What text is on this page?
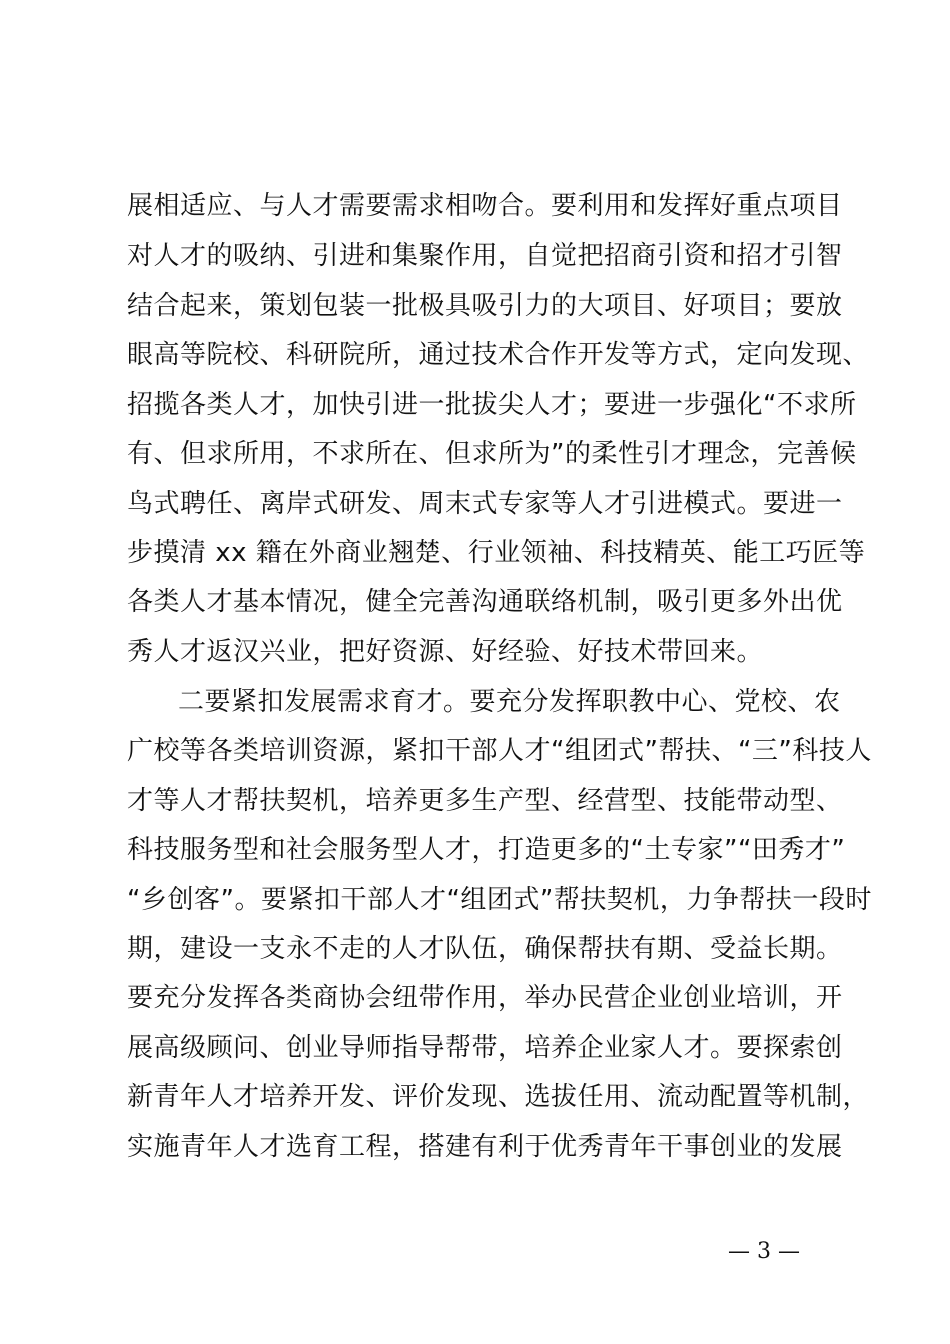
展相适应、与人才需要需求相吻合。要利用和发挥好重点项目
对人才的吸纳、引进和集聚作用，自觉把招商引资和招才引智
结合起来，策划包装一批极具吸引力的大项目、好项目；要放
眼高等院校、科研院所，通过技术合作开发等方式，定向发现、
招揽各类人才，加快引进一批拔尖人才；要进一步强化“不求所
有、但求所用，不求所在、但求所为”的柔性引才理念，完善候
鸟式聘任、离岸式研发、周末式专家等人才引进模式。要进一
步摸清 xx 籍在外商业翘楚、行业领袖、科技精英、能工巧匠等
各类人才基本情况，健全完善沟通联络机制，吸引更多外出优
秀人才返汉兴业，把好资源、好经验、好技术带回来。
二要紧扣发展需求育才。要充分发挥职教中心、党校、农
广校等各类培训资源，紧扣干部人才“组团式”帮扶、“三”科技人
才等人才帮扶契机，培养更多生产型、经营型、技能带动型、
科技服务型和社会服务型人才，打造更多的“土专家”“田秀才”
“乡创客”。要紧扣干部人才“组团式”帮扶契机，力争帮扶一段时
期，建设一支永不走的人才队伍，确保帮扶有期、受益长期。
要充分发挥各类商协会纽带作用，举办民营企业创业培训，开
展高级顾问、创业导师指导帮带，培养企业家人才。要探索创
新青年人才培养开发、评价发现、选拔任用、流动配置等机制，
实施青年人才选育工程，搭建有利于优秀青年干事创业的发展
— 3 —
